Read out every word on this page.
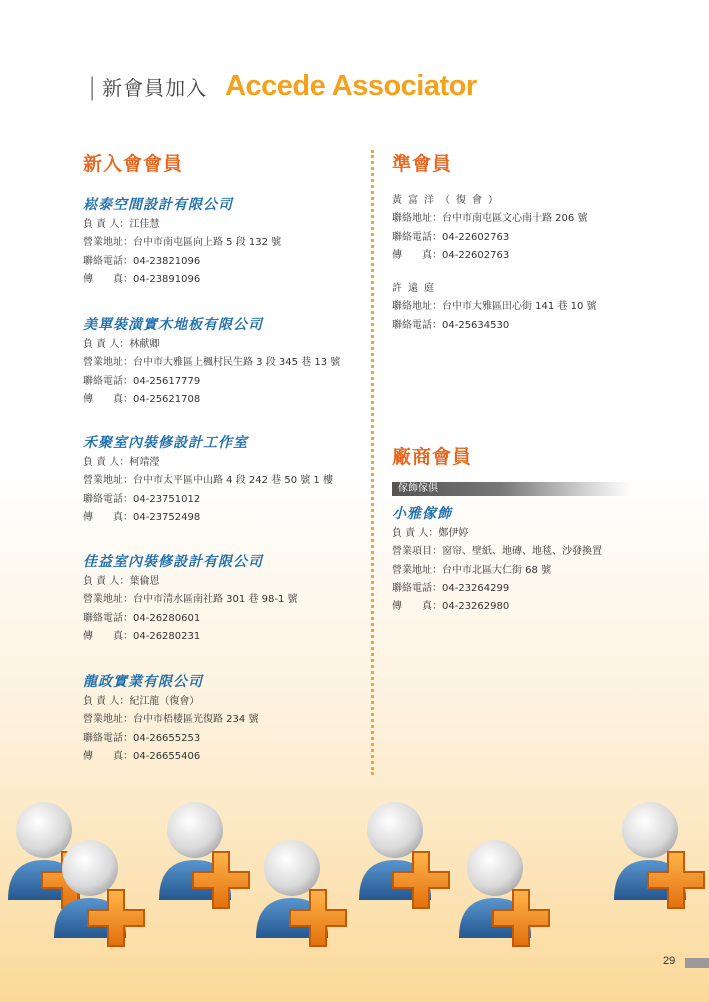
| 新會員加入 Accede Associator
新入會會員
崧泰空間設計有限公司
負 責 人：江佳慧
營業地址：台中市南屯區向上路 5 段 132 號
聯絡電話：04-23821096
傳　　真：04-23891096
美單裝潢實木地板有限公司
負 責 人：林献卿
營業地址：台中市大雅區上楓村民生路 3 段 345 巷 13 號
聯絡電話：04-25617779
傳　　真：04-25621708
禾聚室內裝修設計工作室
負 責 人：柯靖瀅
營業地址：台中市太平區中山路 4 段 242 巷 50 號 1 樓
聯絡電話：04-23751012
傳　　真：04-23752498
佳益室內裝修設計有限公司
負 責 人：葉倫恩
營業地址：台中市清水區南社路 301 巷 98-1 號
聯絡電話：04-26280601
傳　　真：04-26280231
龍政實業有限公司
負 責 人：紀江龍（復會）
營業地址：台中市梧棲區光復路 234 號
聯絡電話：04-26655253
傳　　真：04-26655406
準會員
黃富洋（復會）
聯絡地址：台中市南屯區文心南十路 206 號
聯絡電話：04-22602763
傳　　真：04-22602763
許遠庭
聯絡地址：台中市大雅區田心街 141 巷 10 號
聯絡電話：04-25634530
廠商會員
傢飾傢俱
小雅傢飾
負 責 人：鄭伊婷
營業項目：窗帘、壁紙、地磚、地毯、沙發換置
營業地址：台中市北區大仁街 68 號
聯絡電話：04-23264299
傳　　真：04-23262980
29
